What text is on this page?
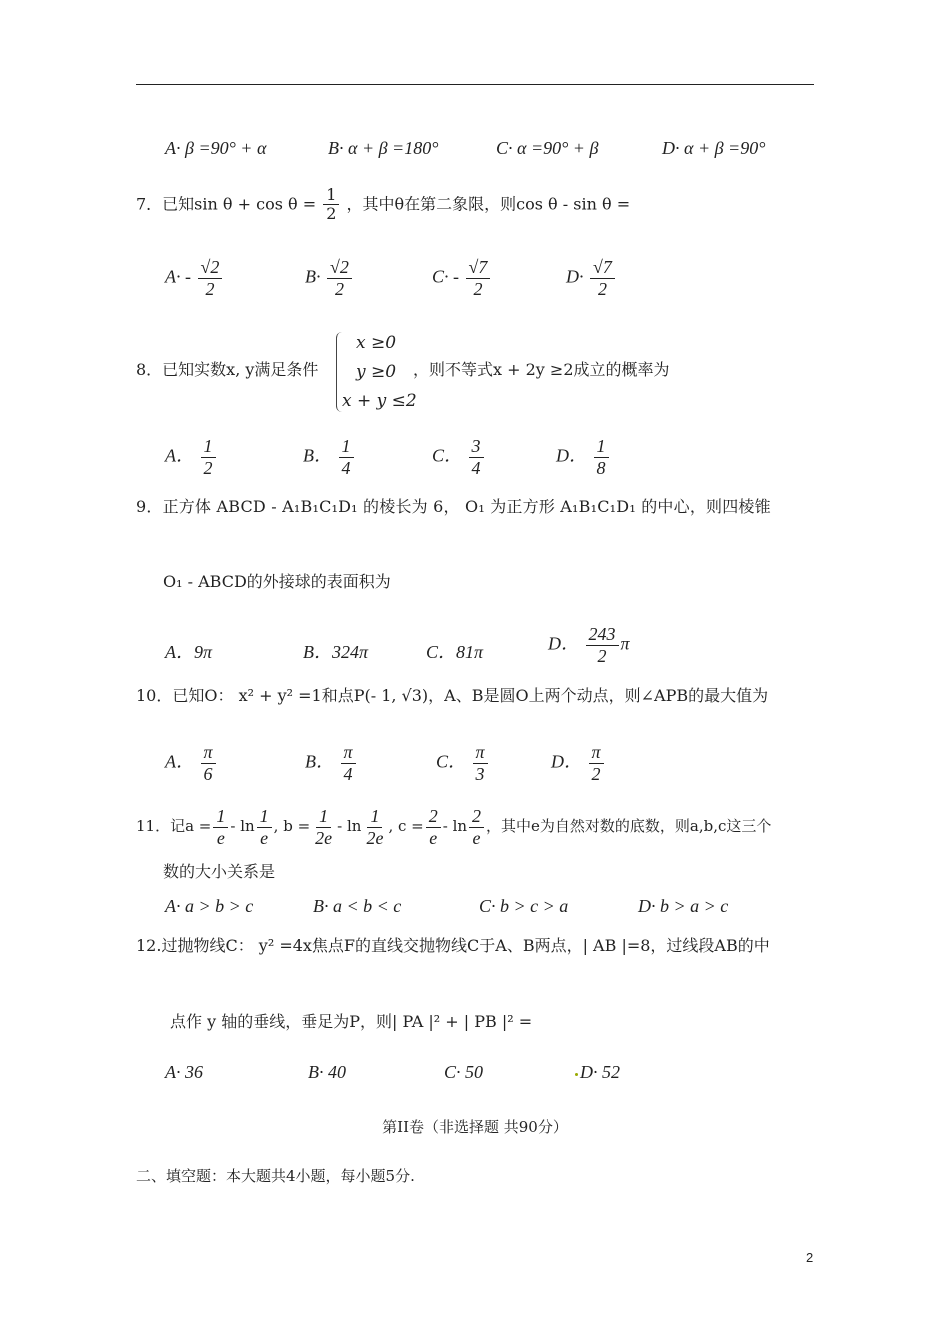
A· β =90° + α	B· α + β =180°	C· α =90° + β	D· α + β =90°
7．已知$\sin \theta + \cos \theta = \frac{1}{2}$ ，其中θ在第二象限，则cos θ - sin θ =
$A\cdot - \frac{√2}{2}$	$B\cdot \frac{√2}{2}$	$C\cdot - \frac{√7}{2}$	$D\cdot \frac{√7}{2}$
8．已知实数x, y满足条件
x ≥0
y ≥0
x + y ≤2
，则不等式x + 2y ≥2成立的概率为
A． $\frac{1}{2}$	B． $\frac{1}{4}$	C． $\frac{3}{4}$	D． $\frac{1}{8}$
9．正方体 ABCD - A₁B₁C₁D₁ 的棱长为 6， O₁ 为正方形 A₁B₁C₁D₁ 的中心，则四棱锥
O₁ - ABCD的外接球的表面积为
A．9π	B．324π	C．81π	D． $\frac{243}{2}$ π
10．已知O： x² + y² =1和点P(- 1, √3)，A、B是圆O上两个动点，则∠APB的最大值为
A． $\frac{\pi}{6}$	B． $\frac{\pi}{4}$	C． $\frac{\pi}{3}$	D． $\frac{\pi}{2}$
11．记$a = \frac{1}{e} - \ln \frac{1}{e}$ , $b = \frac{1}{2e} - \ln \frac{1}{2e}$ , $c = \frac{2}{e} - \ln \frac{2}{e}$ ，其中e为自然对数的底数，则a,b,c这三个
数的大小关系是
A· a > b > c	B· a < b < c	C· b > c > a	D· b > a > c
12.过抛物线C： y² =4x焦点F的直线交抛物线C于A、B两点，| AB |=8，过线段AB的中
点作 y 轴的垂线，垂足为P，则| PA |² + | PB |² =
A· 36	B· 40	C· 50	D· 52
第II卷（非选择题 共90分）
二、填空题：本大题共4小题，每小题5分.
2
